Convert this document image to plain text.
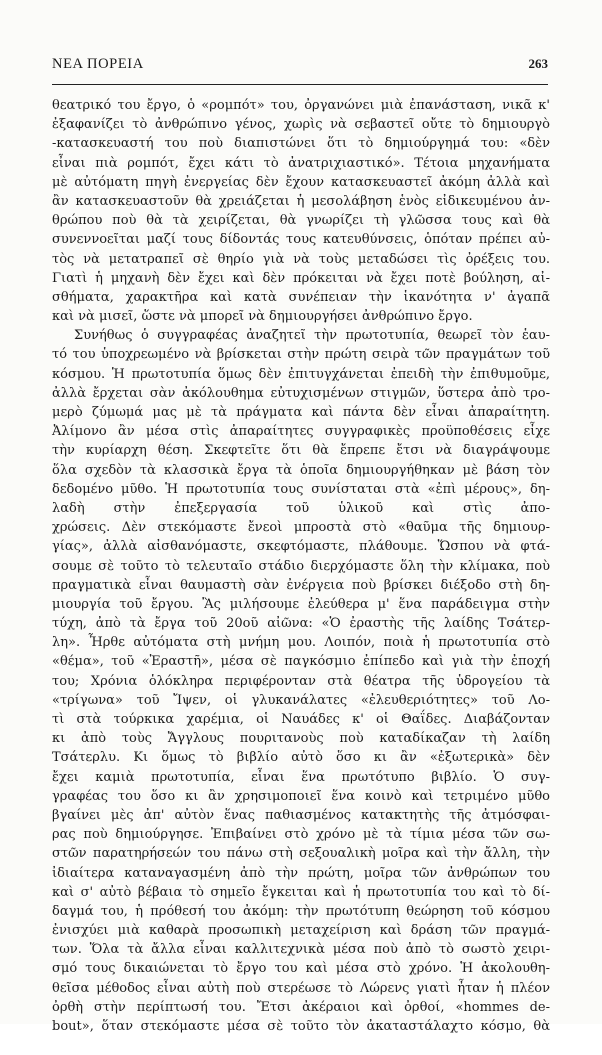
ΝΕΑ ΠΟΡΕΙΑ	263
θεατρικό του ἔργο, ὁ «ρομπότ» του, ὀργανώνει μιὰ ἐπανάσταση, νικᾶ κ'
ἐξαφανίζει τὸ ἀνθρώπινο γένος, χωρὶς νὰ σεβαστεῖ οὔτε τὸ δημιουργὸ
-κατασκευαστή του ποὺ διαπιστώνει ὅτι τὸ δημιούργημά του: «δὲν
εἶναι πιὰ ρομπότ, ἔχει κάτι τὸ ἀνατριχιαστικό». Τέτοια μηχανήματα
μὲ αὐτόματη πηγὴ ἐνεργείας δὲν ἔχουν κατασκευαστεῖ ἀκόμη ἀλλὰ καὶ
ἂν κατασκευαστοῦν θὰ χρειάζεται ἡ μεσολάβηση ἑνὸς εἰδικευμένου ἀν-
θρώπου ποὺ θὰ τὰ χειρίζεται, θὰ γνωρίζει τὴ γλῶσσα τους καὶ θὰ
συνεννοεῖται μαζί τους δίδοντάς τους κατευθύνσεις, ὁπόταν πρέπει αὐ-
τὸς νὰ μετατραπεῖ σὲ θηρίο γιὰ νὰ τοὺς μεταδώσει τὶς ὀρέξεις του.
Γιατὶ ἡ μηχανὴ δὲν ἔχει καὶ δὲν πρόκειται νὰ ἔχει ποτὲ βούληση, αἰ-
σθήματα, χαρακτῆρα καὶ κατὰ συνέπειαν τὴν ἱκανότητα ν' ἀγαπᾶ
καὶ νὰ μισεῖ, ὥστε νὰ μπορεῖ νὰ δημιουργήσει ἀνθρώπινο ἔργο.
Συνήθως ὁ συγγραφέας ἀναζητεῖ τὴν πρωτοτυπία, θεωρεῖ τὸν ἑαυ-
τό του ὑποχρεωμένο νὰ βρίσκεται στὴν πρώτη σειρὰ τῶν πραγμάτων τοῦ
κόσμου. Ἡ πρωτοτυπία ὅμως δὲν ἐπιτυγχάνεται ἐπειδὴ τὴν ἐπιθυμοῦμε,
ἀλλὰ ἔρχεται σὰν ἀκόλουθημα εὐτυχισμένων στιγμῶν, ὕστερα ἀπὸ τρο-
μερὸ ζύμωμά μας μὲ τὰ πράγματα καὶ πάντα δὲν εἶναι ἀπαραίτητη.
Ἀλίμονο ἂν μέσα στὶς ἀπαραίτητες συγγραφικὲς προϋποθέσεις εἶχε
τὴν κυρίαρχη θέση. Σκεφτεῖτε ὅτι θὰ ἔπρεπε ἔτσι νὰ διαγράψουμε
ὅλα σχεδὸν τὰ κλασσικὰ ἔργα τὰ ὁποῖα δημιουργήθηκαν μὲ βάση τὸν
δεδομένο μῦθο. Ἡ πρωτοτυπία τους συνίσταται στὰ «ἐπὶ μέρους», δη-
λαδὴ στὴν ἐπεξεργασία τοῦ ὑλικοῦ καὶ στὶς ἀπο-
χρώσεις. Δὲν στεκόμαστε ἔνεοὶ μπροστὰ στὸ «θαῦμα τῆς δημιουρ-
γίας», ἀλλὰ αἰσθανόμαστε, σκεφτόμαστε, πλάθουμε. Ὥσπου νὰ φτά-
σουμε σὲ τοῦτο τὸ τελευταῖο στάδιο διερχόμαστε ὅλη τὴν κλίμακα, ποὺ
πραγματικὰ εἶναι θαυμαστὴ σὰν ἐνέργεια ποὺ βρίσκει διέξοδο στὴ δη-
μιουργία τοῦ ἔργου. Ἂς μιλήσουμε ἐλεύθερα μ' ἕνα παράδειγμα στὴν
τύχη, ἀπὸ τὰ ἔργα τοῦ 20οῦ αἰῶνα: «Ὁ ἐραστὴς τῆς λαίδης Τσάτερ-
λη». Ἦρθε αὐτόματα στὴ μνήμη μου. Λοιπόν, ποιὰ ἡ πρωτοτυπία στὸ
«θέμα», τοῦ «Ἐραστῆ», μέσα σὲ παγκόσμιο ἐπίπεδο καὶ γιὰ τὴν ἐποχή
του; Χρόνια ὁλόκληρα περιφέρονταν στὰ θέατρα τῆς ὑδρογείου τὰ
«τρίγωνα» τοῦ Ἴψεν, οἱ γλυκανάλατες «ἐλευθεριότητες» τοῦ Λο-
τὶ στὰ τούρκικα χαρέμια, οἱ Ναυάδες κ' οἱ Θαΐδες. Διαβάζονταν
κι ἀπὸ τοὺς Ἄγγλους πουριτανοὺς ποὺ καταδίκαζαν τὴ λαίδη
Τσάτερλυ. Κι ὅμως τὸ βιβλίο αὐτὸ ὅσο κι ἂν «ἐξωτερικὰ» δὲν
ἔχει καμιὰ πρωτοτυπία, εἶναι ἕνα πρωτότυπο βιβλίο. Ὁ συγ-
γραφέας του ὅσο κι ἂν χρησιμοποιεῖ ἕνα κοινὸ καὶ τετριμένο μῦθο
βγαίνει μὲς ἀπ' αὐτὸν ἕνας παθιασμένος κατακτητὴς τῆς ἀτμόσφαι-
ρας ποὺ δημιούργησε. Ἐπιβαίνει στὸ χρόνο μὲ τὰ τίμια μέσα τῶν σω-
στῶν παρατηρήσεών του πάνω στὴ σεξουαλικὴ μοῖρα καὶ τὴν ἄλλη, τὴν
ἰδιαίτερα καταναγασμένη ἀπὸ τὴν πρώτη, μοῖρα τῶν ἀνθρώπων του
καὶ σ' αὐτὸ βέβαια τὸ σημεῖο ἔγκειται καὶ ἡ πρωτοτυπία του καὶ τὸ δί-
δαγμά του, ἡ πρόθεσή του ἀκόμη: τὴν πρωτότυπη θεώρηση τοῦ κόσμου
ἐνισχύει μιὰ καθαρὰ προσωπικὴ μεταχείριση καὶ δράση τῶν πραγμά-
των. Ὅλα τὰ ἄλλα εἶναι καλλιτεχνικὰ μέσα ποὺ ἀπὸ τὸ σωστὸ χειρι-
σμό τους δικαιώνεται τὸ ἔργο του καὶ μέσα στὸ χρόνο. Ἡ ἀκολουθη-
θεῖσα μέθοδος εἶναι αὐτὴ ποὺ στερέωσε τὸ Λώρενς γιατὶ ἦταν ἡ πλέον
ὀρθὴ στὴν περίπτωσή του. Ἔτσι ἀκέραιοι καὶ ὀρθοί, «hommes de-
bout», ὅταν στεκόμαστε μέσα σὲ τοῦτο τὸν ἀκαταστάλαχτο κόσμο, θὰ
